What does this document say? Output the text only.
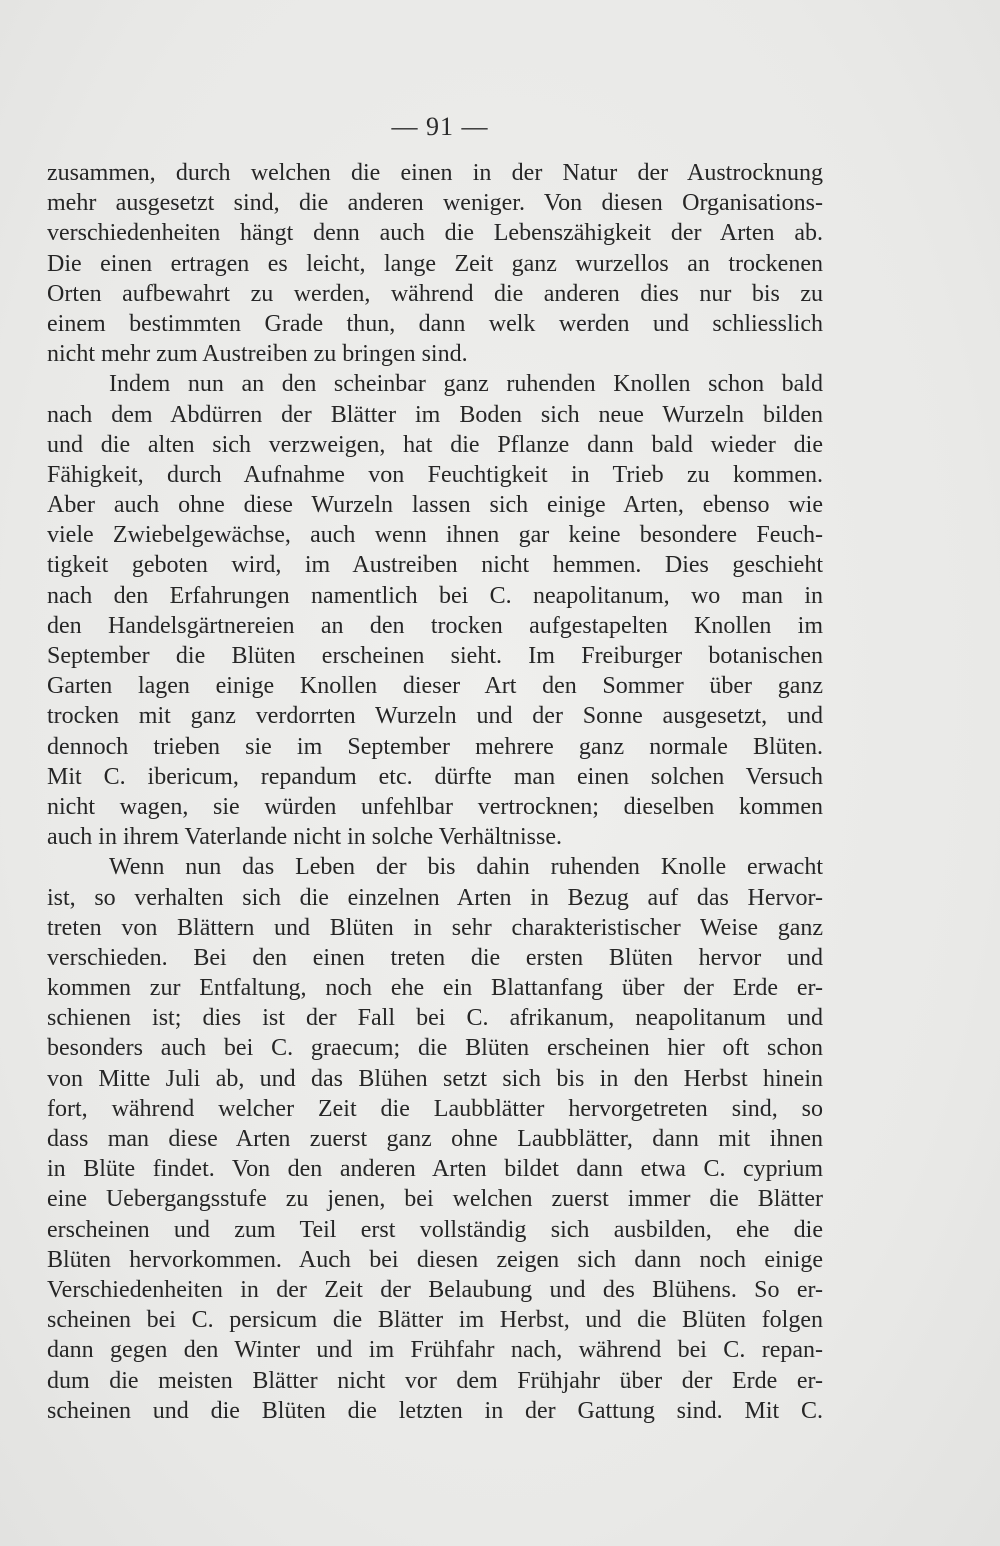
— 91 —
zusammen, durch welchen die einen in der Natur der Austrocknung
mehr ausgesetzt sind, die anderen weniger. Von diesen Organisations-
verschiedenheiten hängt denn auch die Lebenszähigkeit der Arten ab.
Die einen ertragen es leicht, lange Zeit ganz wurzellos an trockenen
Orten aufbewahrt zu werden, während die anderen dies nur bis zu
einem bestimmten Grade thun, dann welk werden und schliesslich
nicht mehr zum Austreiben zu bringen sind.
Indem nun an den scheinbar ganz ruhenden Knollen schon bald
nach dem Abdürren der Blätter im Boden sich neue Wurzeln bilden
und die alten sich verzweigen, hat die Pflanze dann bald wieder die
Fähigkeit, durch Aufnahme von Feuchtigkeit in Trieb zu kommen.
Aber auch ohne diese Wurzeln lassen sich einige Arten, ebenso wie
viele Zwiebelgewächse, auch wenn ihnen gar keine besondere Feuch-
tigkeit geboten wird, im Austreiben nicht hemmen. Dies geschieht
nach den Erfahrungen namentlich bei C. neapolitanum, wo man in
den Handelsgärtnereien an den trocken aufgestapelten Knollen im
September die Blüten erscheinen sieht. Im Freiburger botanischen
Garten lagen einige Knollen dieser Art den Sommer über ganz
trocken mit ganz verdorrten Wurzeln und der Sonne ausgesetzt, und
dennoch trieben sie im September mehrere ganz normale Blüten.
Mit C. ibericum, repandum etc. dürfte man einen solchen Versuch
nicht wagen, sie würden unfehlbar vertrocknen; dieselben kommen
auch in ihrem Vaterlande nicht in solche Verhältnisse.
Wenn nun das Leben der bis dahin ruhenden Knolle erwacht
ist, so verhalten sich die einzelnen Arten in Bezug auf das Hervor-
treten von Blättern und Blüten in sehr charakteristischer Weise ganz
verschieden. Bei den einen treten die ersten Blüten hervor und
kommen zur Entfaltung, noch ehe ein Blattanfang über der Erde er-
schienen ist; dies ist der Fall bei C. afrikanum, neapolitanum und
besonders auch bei C. graecum; die Blüten erscheinen hier oft schon
von Mitte Juli ab, und das Blühen setzt sich bis in den Herbst hinein
fort, während welcher Zeit die Laubblätter hervorgetreten sind, so
dass man diese Arten zuerst ganz ohne Laubblätter, dann mit ihnen
in Blüte findet. Von den anderen Arten bildet dann etwa C. cyprium
eine Uebergangsstufe zu jenen, bei welchen zuerst immer die Blätter
erscheinen und zum Teil erst vollständig sich ausbilden, ehe die
Blüten hervorkommen. Auch bei diesen zeigen sich dann noch einige
Verschiedenheiten in der Zeit der Belaubung und des Blühens. So er-
scheinen bei C. persicum die Blätter im Herbst, und die Blüten folgen
dann gegen den Winter und im Frühfahr nach, während bei C. repan-
dum die meisten Blätter nicht vor dem Frühjahr über der Erde er-
scheinen und die Blüten die letzten in der Gattung sind. Mit C.
